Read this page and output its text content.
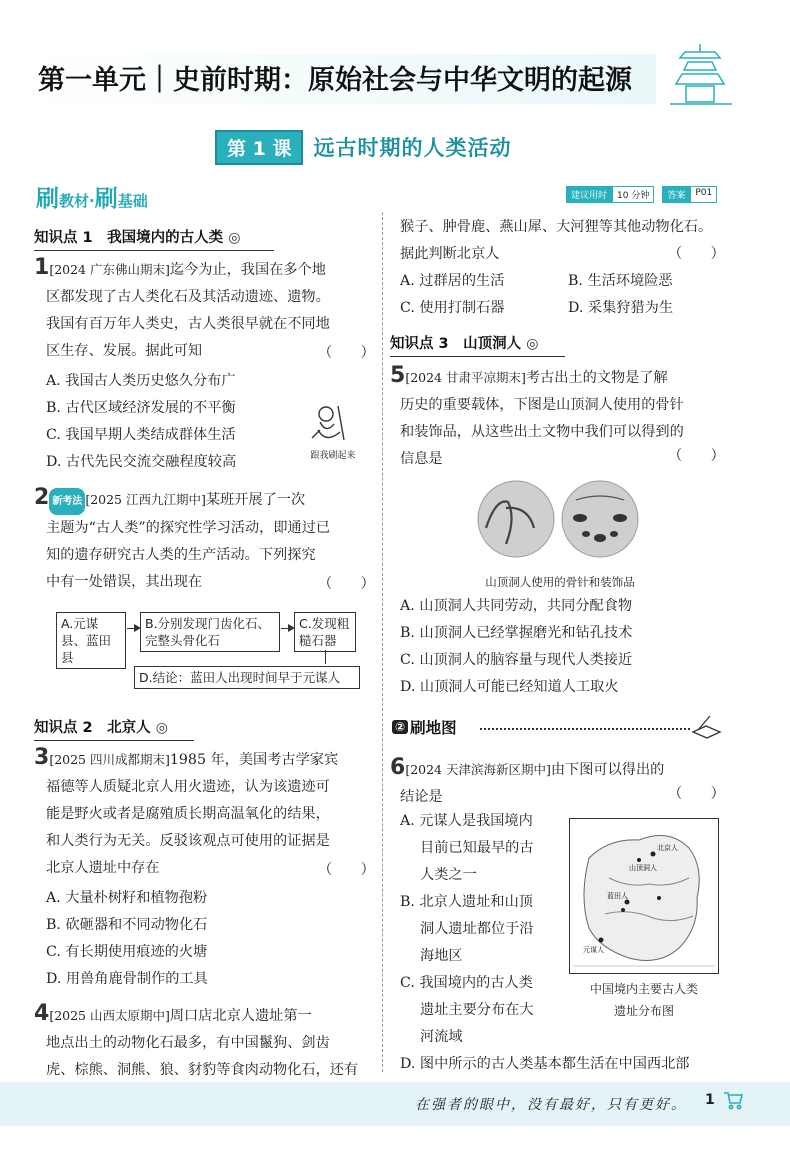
第一单元｜史前时期：原始社会与中华文明的起源
第 1 课	远古时期的人类活动
刷教材·刷基础	建议用时	10 分钟	答案	P01
知识点 1　我国境内的古人类 ◎
1[2024 广东佛山期末]迄今为止，我国在多个地
区都发现了古人类化石及其活动遗迹、遗物。
我国有百万年人类史，古人类很早就在不同地
区生存、发展。据此可知	（　　）
A. 我国古人类历史悠久分布广
B. 古代区域经济发展的不平衡
C. 我国早期人类结成群体生活
D. 古代先民交流交融程度较高	跟我刷起来
2 新考法 [2025 江西九江期中]某班开展了一次
主题为“古人类”的探究性学习活动，即通过已
知的遗存研究古人类的生产活动。下列探究
中有一处错误，其出现在	（　　）
A.元谋县、蓝田县
B.分别发现门齿化石、完整头骨化石
C.发现粗糙石器
D.结论：蓝田人出现时间早于元谋人
知识点 2　北京人 ◎
3[2025 四川成都期末]1985 年，美国考古学家宾
福德等人质疑北京人用火遗迹，认为该遗迹可
能是野火或者是腐殖质长期高温氧化的结果，
和人类行为无关。反驳该观点可使用的证据是
北京人遗址中存在	（　　）
A. 大量朴树籽和植物孢粉
B. 砍砸器和不同动物化石
C. 有长期使用痕迹的火塘
D. 用兽角鹿骨制作的工具
4[2025 山西太原期中]周口店北京人遗址第一
地点出土的动物化石最多，有中国鬣狗、剑齿
虎、棕熊、洞熊、狼、豺豹等食肉动物化石，还有
猴子、肿骨鹿、燕山犀、大河狸等其他动物化石。
据此判断北京人	（　　）
A. 过群居的生活	B. 生活环境险恶
C. 使用打制石器	D. 采集狩猎为生
知识点 3　山顶洞人 ◎
5[2024 甘肃平凉期末]考古出土的文物是了解
历史的重要载体，下图是山顶洞人使用的骨针
和装饰品，从这些出土文物中我们可以得到的
信息是	（　　）
山顶洞人使用的骨针和装饰品
A. 山顶洞人共同劳动，共同分配食物
B. 山顶洞人已经掌握磨光和钻孔技术
C. 山顶洞人的脑容量与现代人类接近
D. 山顶洞人可能已经知道人工取火
② 刷地图
6[2024 天津滨海新区期中]由下图可以得出的
结论是	（　　）
A. 元谋人是我国境内
目前已知最早的古
人类之一
B. 北京人遗址和山顶
洞人遗址都位于沿
海地区
C. 我国境内的古人类
遗址主要分布在大
河流域
D. 图中所示的古人类基本都生活在中国西北部
北京人
山顶洞人
蓝田人
元谋人
中国境内主要古人类
遗址分布图
在强者的眼中，没有最好，只有更好。 1
